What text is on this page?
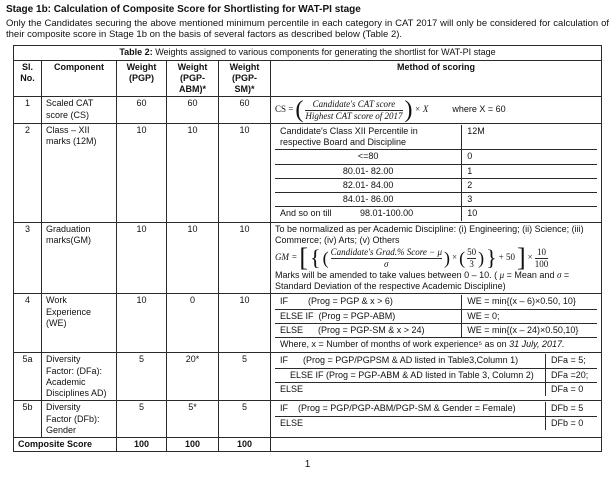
Stage 1b: Calculation of Composite Score for Shortlisting for WAT-PI stage
Only the Candidates securing the above mentioned minimum percentile in each category in CAT 2017 will only be considered for calculation of their composite score in Stage 1b on the basis of several factors as described below (Table 2).
Table 2: Weights assigned to various components for generating the shortlist for WAT-PI stage
Sl.
No.	Component	Weight
(PGP)	Weight
(PGP-
ABM)*	Weight
(PGP-
SM)*	Method of scoring
1	Scaled CAT
score (CS)	60	60	60	
CS = ( $\frac{\text{Candidate's CAT score}}{\text{Highest CAT score of 2017}}$ ) × X	where X = 60

2	Class – XII
marks (12M)	10	10	10		Candidate's Class XII Percentile in respective Board and Discipline	12M
<=80	0
80.01- 82.00	1
82.01- 84.00	2
84.01- 86.00	3
And so on till	98.01-100.00	10

3	Graduation
marks(GM)	10	10	10	To be normalized as per Academic Discipline: (i) Engineering; (ii) Science; (iii) Commerce; (iv) Arts; (v) Others
GM = [ { ( $\frac{\text{Candidate's Grad.\% Score − μ}}{\sigma}$ ) × ( $\frac{50}{3}$ ) } + 50 ] × $\frac{10}{100}$
Marks will be amended to take values between 0 – 10. ( μ = Mean and σ = Standard Deviation of the respective Academic Discipline)

4	Work
Experience
(WE)	10	0	10		IF        (Prog = PGP & x > 6)	WE = min{(x – 6)×0.50, 10}
ELSE IF  (Prog = PGP-ABM)	WE = 0;
ELSE      (Prog = PGP-SM & x > 24)	WE = min{(x – 24)×0.50,10}
Where, x = Number of months of work experience⁵ as on 31 July, 2017.

5a	Diversity
Factor: (DFa):
Academic
Disciplines AD)	5	20*	5		IF      (Prog = PGP/PGPSM & AD listed in Table3,Column 1)	DFa = 5;
ELSE IF (Prog = PGP-ABM & AD listed in Table 3, Column 2)	DFa =20;
ELSE	DFa = 0

5b	Diversity
Factor (DFb):
Gender	5	5*	5		IF    (Prog = PGP/PGP-ABM/PGP-SM & Gender = Female)	DFb = 5
ELSE	DFb = 0

Composite Score	100	100	100	
1
